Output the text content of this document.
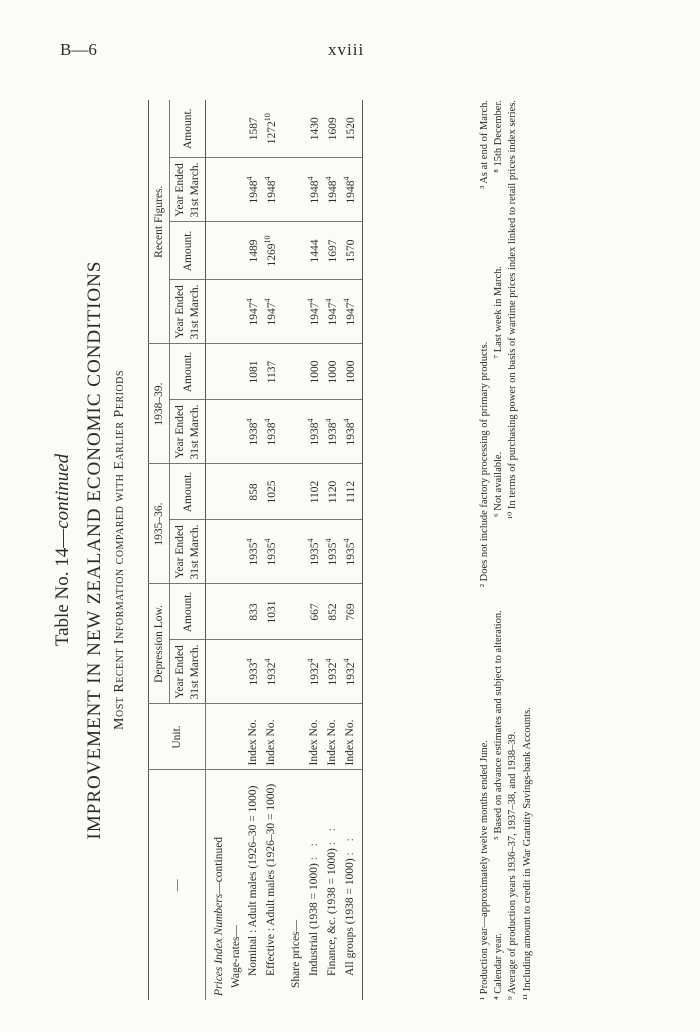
B—6	xviii
Table No. 14—continued IMPROVEMENT IN NEW ZEALAND ECONOMIC CONDITIONS Most Recent Information compared with Earlier Periods
—	Unit.	Depression Low.		1935–36.		1938–39.		Recent Figures.			
		Year Ended 31st March.	Amount.	Year Ended 31st March.	Amount.	Year Ended 31st March.	Amount.	Year Ended 31st March.	Amount.	Year Ended 31st March.	Amount.
Prices Index Numbers—continued											
Wage-rates—											
Nominal : Adult males (1926–30 = 1000)	Index No.	1933$^4$	833	1935$^4$	858	1938$^4$	1081	1947$^4$	1489	1948$^4$	1587
Effective : Adult males (1926–30 = 1000)	Index No.	1932$^4$	1031	1935$^4$	1025	1938$^4$	1137	1947$^4$	1269$^{10}$	1948$^4$	1272$^{10}$

Share prices—											
Industrial (1938 = 1000) : :	Index No.	1932$^4$	667	1935$^4$	1102	1938$^4$	1000	1947$^4$	1444	1948$^4$	1430
Finance, &c. (1938 = 1000) : :	Index No.	1932$^4$	852	1935$^4$	1120	1938$^4$	1000	1947$^4$	1697	1948$^4$	1609
All groups (1938 = 1000) : :	Index No.	1932$^4$	769	1935$^4$	1112	1938$^4$	1000	1947$^4$	1570	1948$^4$	1520
¹ Production year—approximately twelve months ended June.
² Does not include factory processing of primary products.
³ As at end of March.
⁴ Calendar year.
⁵ Based on advance estimates and subject to alteration.
⁶ Not available.
⁷ Last week in March.
⁸ 15th December.
⁹ Average of production years 1936–37, 1937–38, and 1938–39.
¹⁰ In terms of purchasing power on basis of wartime prices index linked to retail prices index series.
¹¹ Including amount to credit in War Gratuity Savings-bank Accounts.
